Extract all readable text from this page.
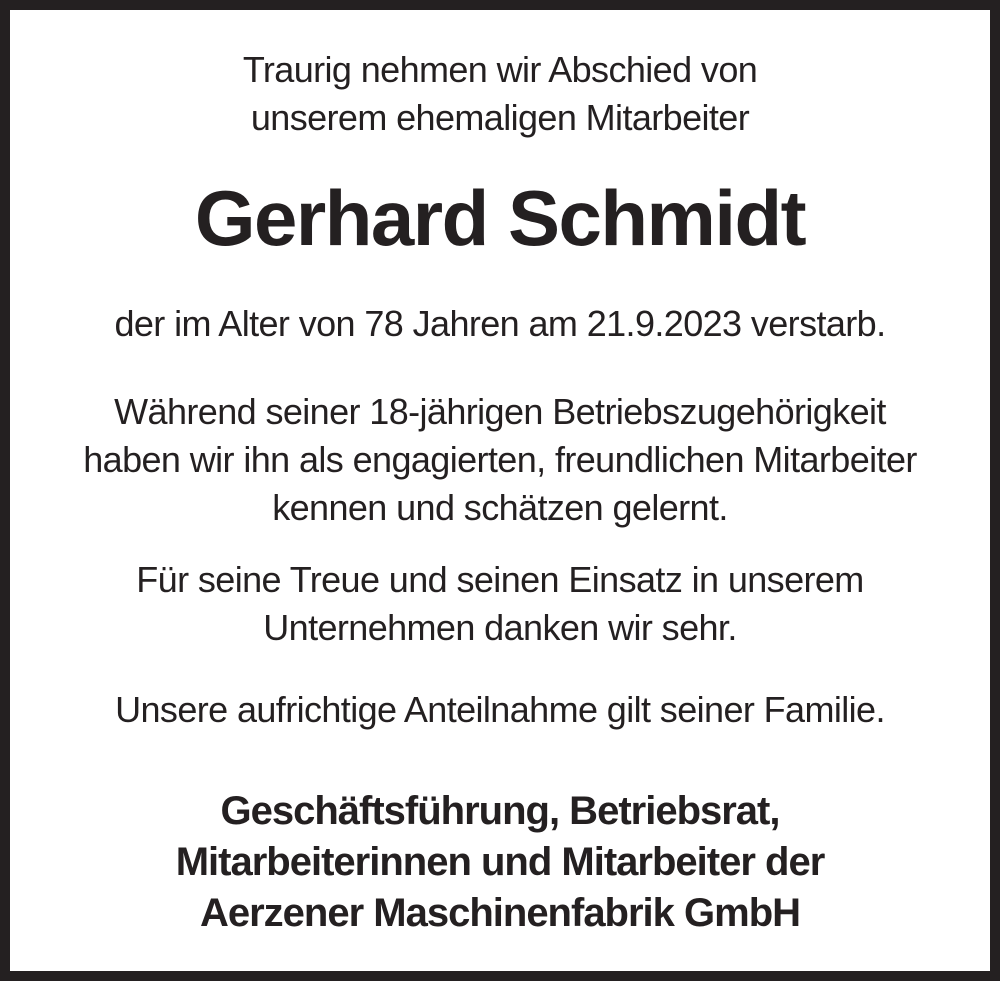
Traurig nehmen wir Abschied von
unserem ehemaligen Mitarbeiter
Gerhard Schmidt
der im Alter von 78 Jahren am 21.9.2023 verstarb.
Während seiner 18-jährigen Betriebszugehörigkeit
haben wir ihn als engagierten, freundlichen Mitarbeiter
kennen und schätzen gelernt.
Für seine Treue und seinen Einsatz in unserem
Unternehmen danken wir sehr.
Unsere aufrichtige Anteilnahme gilt seiner Familie.
Geschäftsführung, Betriebsrat,
Mitarbeiterinnen und Mitarbeiter der
Aerzener Maschinenfabrik GmbH
